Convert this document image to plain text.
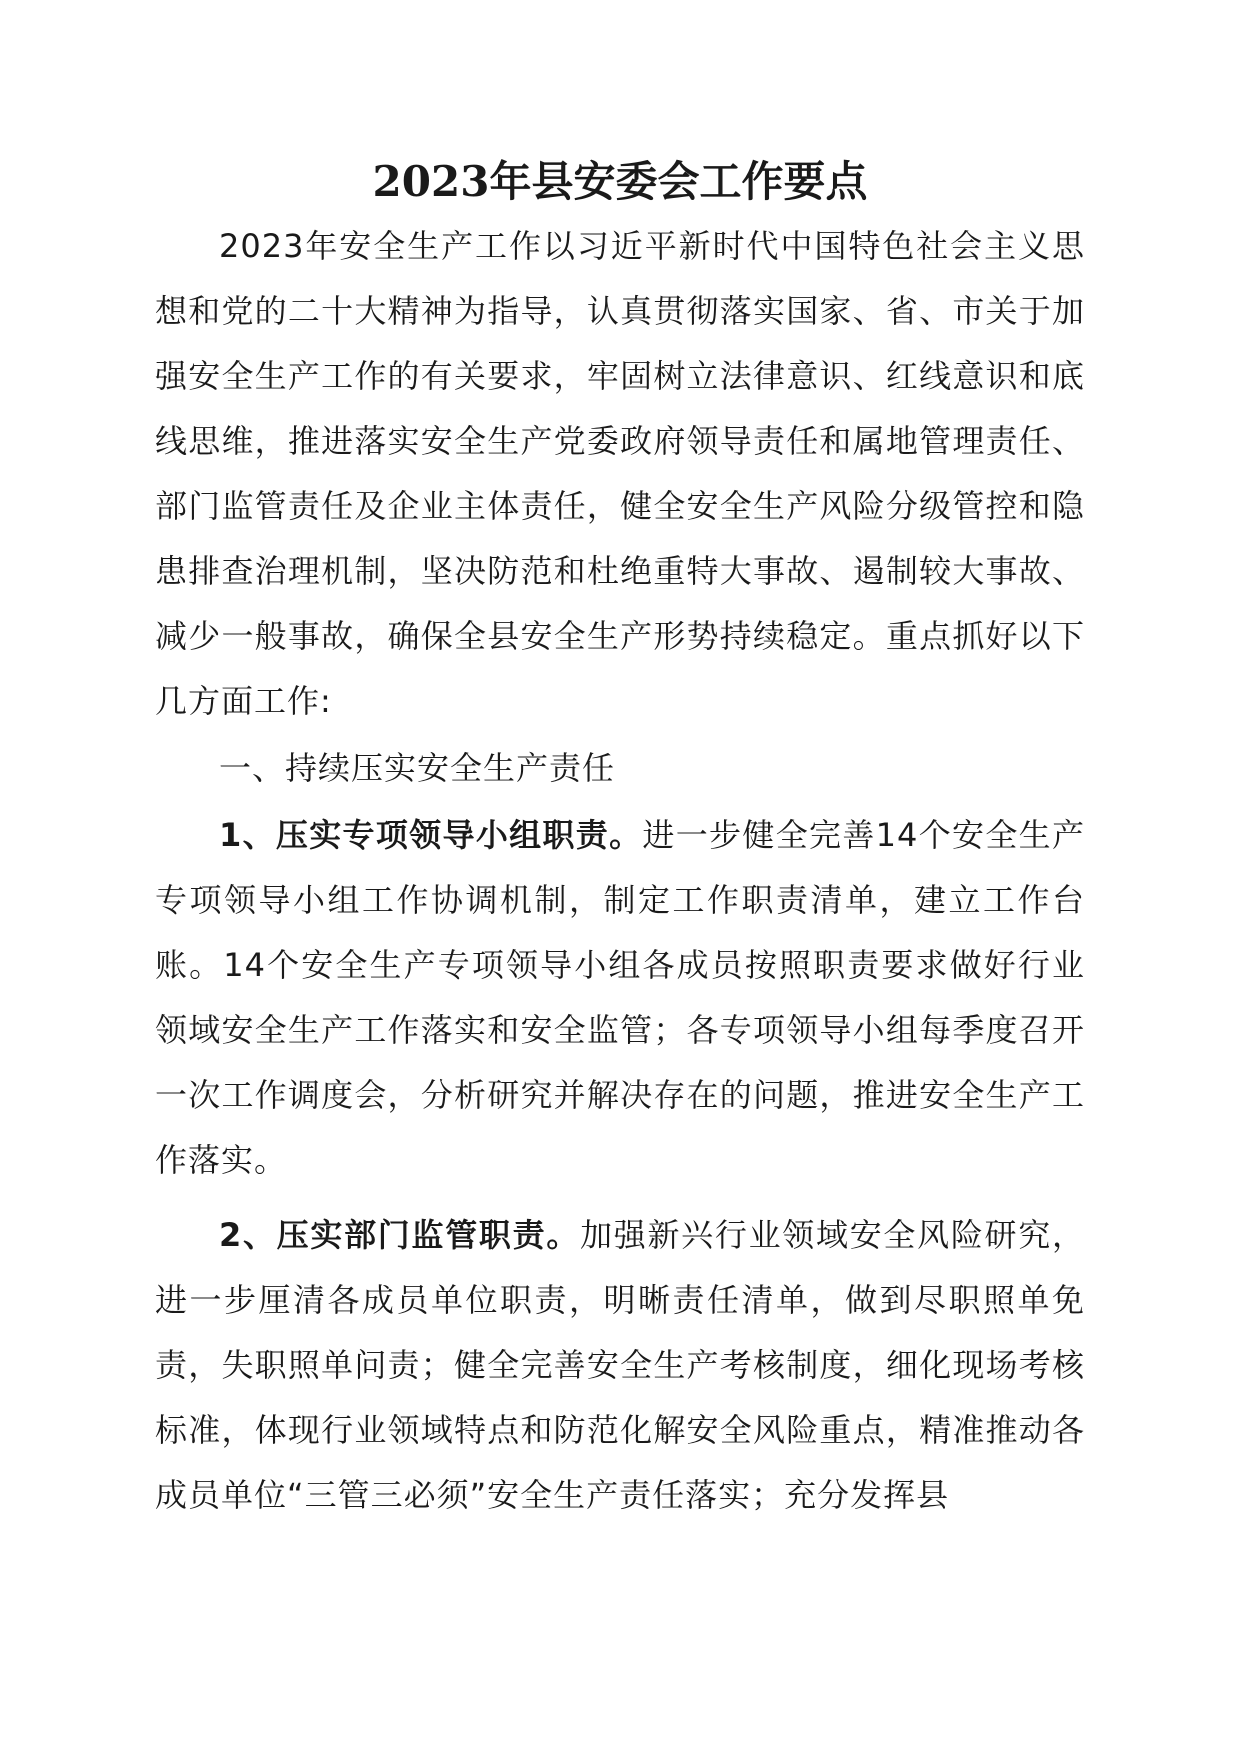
2023年县安委会工作要点

2023年安全生产工作以习近平新时代中国特色社会主义思想和党的二十大精神为指导，认真贯彻落实国家、省、市关于加强安全生产工作的有关要求，牢固树立法律意识、红线意识和底线思维，推进落实安全生产党委政府领导责任和属地管理责任、部门监管责任及企业主体责任，健全安全生产风险分级管控和隐患排查治理机制，坚决防范和杜绝重特大事故、遏制较大事故、减少一般事故，确保全县安全生产形势持续稳定。重点抓好以下几方面工作:

一、持续压实安全生产责任

1、压实专项领导小组职责。进一步健全完善14个安全生产专项领导小组工作协调机制，制定工作职责清单，建立工作台账。14个安全生产专项领导小组各成员按照职责要求做好行业领域安全生产工作落实和安全监管；各专项领导小组每季度召开一次工作调度会，分析研究并解决存在的问题，推进安全生产工作落实。

2、压实部门监管职责。加强新兴行业领域安全风险研究，进一步厘清各成员单位职责，明晰责任清单，做到尽职照单免责，失职照单问责；健全完善安全生产考核制度，细化现场考核标准，体现行业领域特点和防范化解安全风险重点，精准推动各成员单位“三管三必须”安全生产责任落实；充分发挥县
